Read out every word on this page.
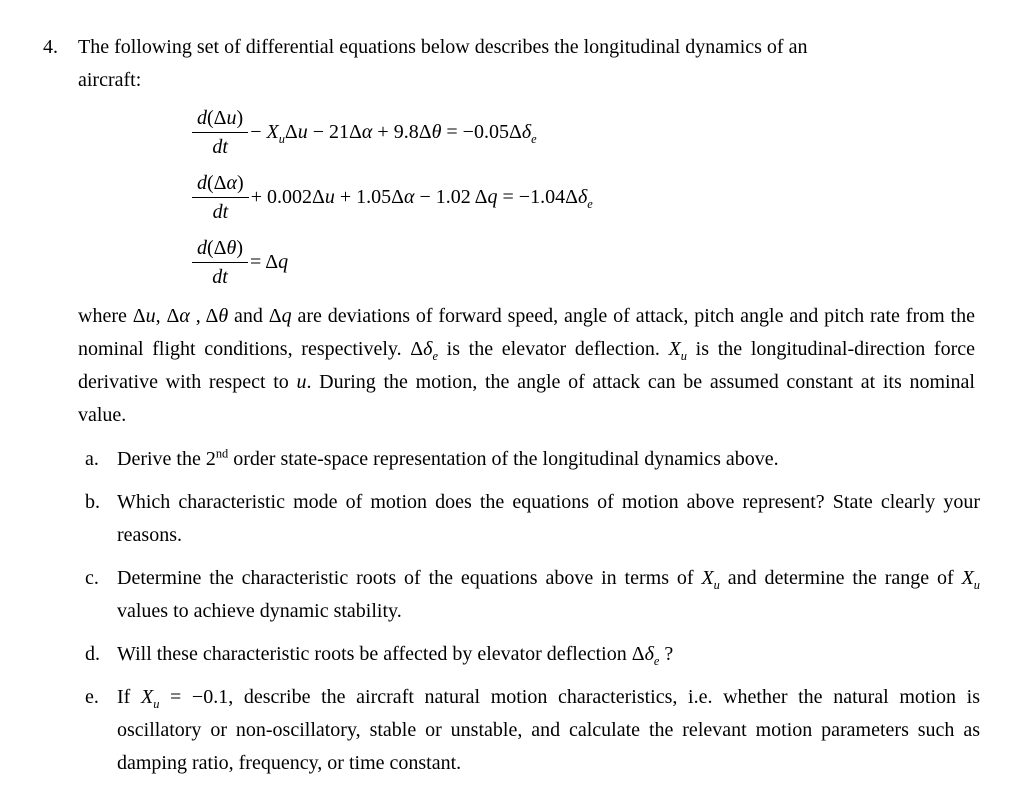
4.	The following set of differential equations below describes the longitudinal dynamics of an
aircraft:
$\frac{d(\Delta u)}{dt} - X_u\Delta u - 21\Delta\alpha + 9.8\Delta\theta = -0.05\Delta\delta_e$
$\frac{d(\Delta\alpha)}{dt} + 0.002\Delta u + 1.05\Delta\alpha - 1.02$ $\Delta q = -1.04\Delta\delta_e$
$\frac{d(\Delta\theta)}{dt} = \Delta q$
where Δu, Δα , Δθ and Δq are deviations of forward speed, angle of attack, pitch angle and pitch rate from the nominal flight conditions, respectively. $\Delta\delta_e$ is the elevator deflection. $X_u$ is the longitudinal-direction force derivative with respect to u. During the motion, the angle of attack can be assumed constant at its nominal value.
a. Derive the 2nd order state-space representation of the longitudinal dynamics above.
b. Which characteristic mode of motion does the equations of motion above represent? State clearly your reasons.
c. Determine the characteristic roots of the equations above in terms of $X_u$ and determine the range of $X_u$ values to achieve dynamic stability.
d. Will these characteristic roots be affected by elevator deflection $\Delta\delta_e$ ?
e. If $X_u = -0.1$, describe the aircraft natural motion characteristics, i.e. whether the natural motion is oscillatory or non-oscillatory, stable or unstable, and calculate the relevant motion parameters such as damping ratio, frequency, or time constant.
